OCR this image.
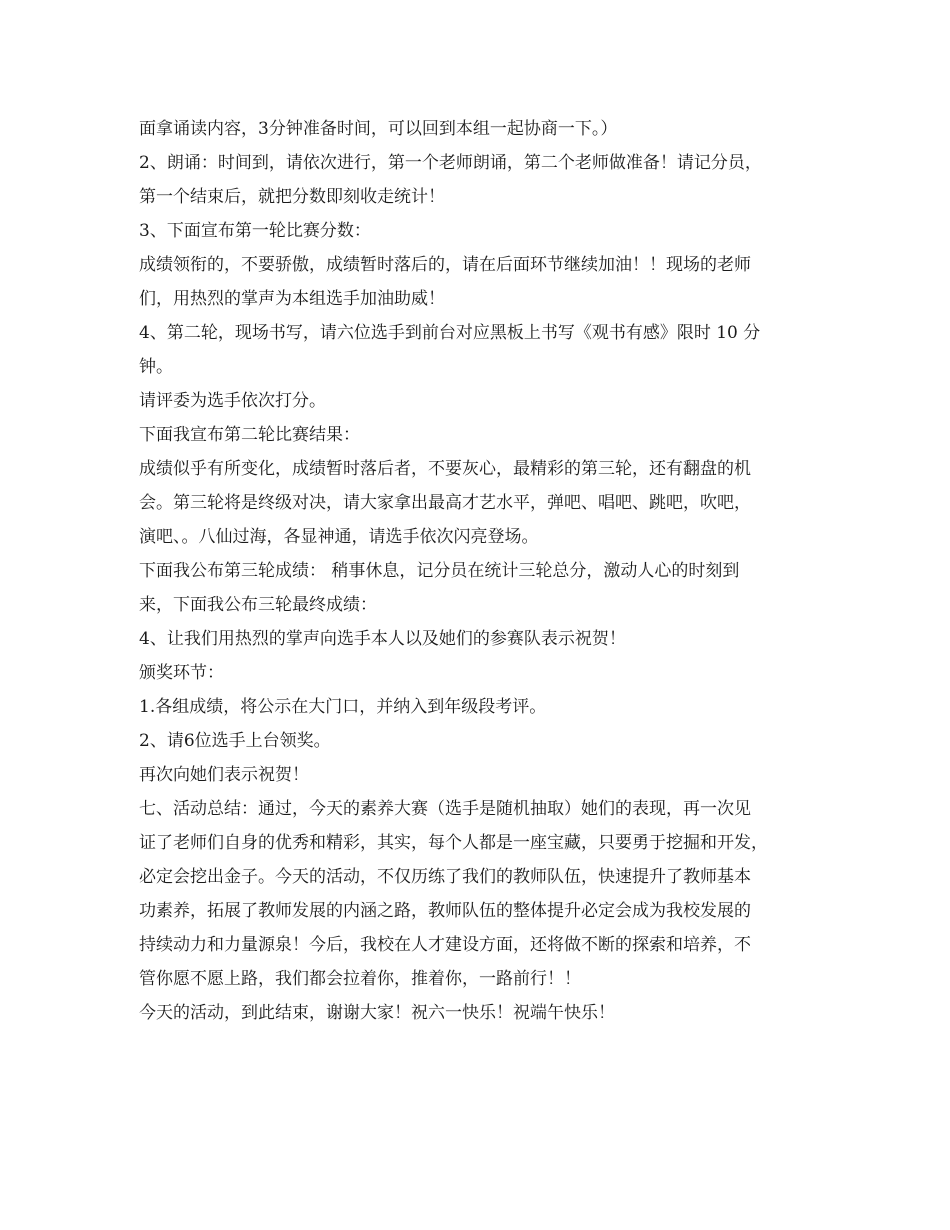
面拿诵读内容，3分钟准备时间，可以回到本组一起协商一下。）
2、朗诵：时间到，请依次进行，第一个老师朗诵，第二个老师做准备！请记分员，
第一个结束后，就把分数即刻收走统计！
3、下面宣布第一轮比赛分数：
成绩领衔的，不要骄傲，成绩暂时落后的，请在后面环节继续加油！！现场的老师
们，用热烈的掌声为本组选手加油助威！
4、第二轮，现场书写，请六位选手到前台对应黑板上书写《观书有感》限时 10 分
钟。
请评委为选手依次打分。
下面我宣布第二轮比赛结果：
成绩似乎有所变化，成绩暂时落后者，不要灰心，最精彩的第三轮，还有翻盘的机
会。第三轮将是终级对决，请大家拿出最高才艺水平，弹吧、唱吧、跳吧，吹吧，
演吧、。八仙过海，各显神通，请选手依次闪亮登场。
下面我公布第三轮成绩： 稍事休息，记分员在统计三轮总分，激动人心的时刻到
来，下面我公布三轮最终成绩：
4、让我们用热烈的掌声向选手本人以及她们的参赛队表示祝贺！
颁奖环节：
1.各组成绩，将公示在大门口，并纳入到年级段考评。
2、请6位选手上台领奖。
再次向她们表示祝贺！
七、活动总结：通过，今天的素养大赛（选手是随机抽取）她们的表现，再一次见
证了老师们自身的优秀和精彩，其实，每个人都是一座宝藏，只要勇于挖掘和开发，
必定会挖出金子。今天的活动，不仅历练了我们的教师队伍，快速提升了教师基本
功素养，拓展了教师发展的内涵之路，教师队伍的整体提升必定会成为我校发展的
持续动力和力量源泉！今后，我校在人才建设方面，还将做不断的探索和培养，不
管你愿不愿上路，我们都会拉着你，推着你，一路前行！！
今天的活动，到此结束，谢谢大家！祝六一快乐！祝端午快乐！
